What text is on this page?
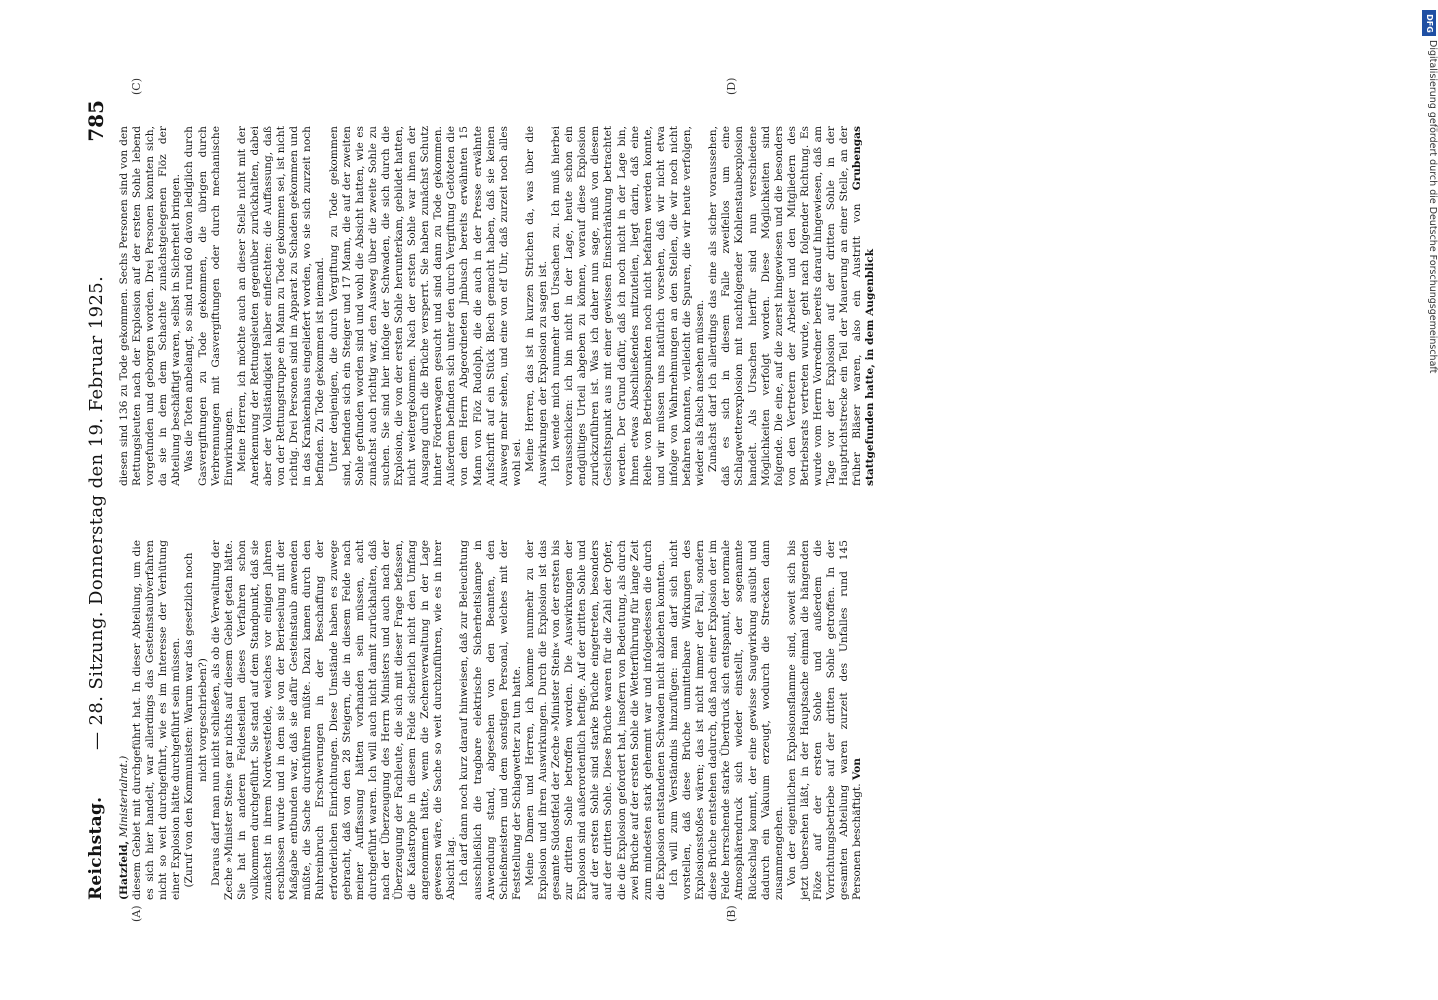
Reichstag.
— 28. Sitzung. Donnerstag den 19. Februar 1925.
785
(A)	(B)
(C)	(D)

(Hatzfeld, Ministerialrat.) diesem Gebiet mit durchgeführt hat. In dieser Abteilung, um die es sich hier handelt, war allerdings das Gesteinstaubverfahren nicht so weit durchgeführt, wie es im Interesse der Verhütung einer Explosion hätte durchgeführt sein müssen. (Zuruf von den Kommunisten: Warum war das gesetzlich noch nicht vorgeschrieben?) Daraus darf man nun nicht schließen, als ob die Verwaltung der Zeche »Minister Stein« gar nichts auf diesem Gebiet getan hätte. Sie hat in anderen Feldesteilen dieses Verfahren schon vollkommen durchgeführt. Sie stand auf dem Standpunkt, daß sie zunächst in ihrem Nordwestfelde, welches vor einigen Jahren erschlossen wurde und in dem sie von der Berieselung mit der Maßgabe entbunden war, daß sie dafür Gesteinstaub anwenden müßte, die Sache durchführen müßte. Dazu kamen durch den Ruhreinbruch Erschwerungen in der Beschaffung der erforderlichen Einrichtungen. Diese Umstände haben es zuwege gebracht, daß von den 28 Steigern, die in diesem Felde nach meiner Auffassung hätten vorhanden sein müssen, acht durchgeführt waren. Ich will auch nicht damit zurückhalten, daß nach der Überzeugung des Herrn Ministers und auch nach der Überzeugung der Fachleute, die sich mit dieser Frage befassen, die Katastrophe in diesem Felde sicherlich nicht den Umfang angenommen hätte, wenn die Zechenverwaltung in der Lage gewesen wäre, die Sache so weit durchzuführen, wie es in ihrer Absicht lag. Ich darf dann noch kurz darauf hinweisen, daß zur Beleuchtung ausschließlich die tragbare elektrische Sicherheitslampe in Anwendung stand, abgesehen von den Beamten, den Schießmeistern und dem sonstigen Personal, welches mit der Feststellung der Schlagwetter zu tun hatte. Meine Damen und Herren, ich komme nunmehr zu der Explosion und ihren Auswirkungen. Durch die Explosion ist das gesamte Südostfeld der Zeche »Minister Stein« von der ersten bis zur dritten Sohle betroffen worden. Die Auswirkungen der Explosion sind außerordentlich heftige. Auf der dritten Sohle und auf der ersten Sohle sind starke Brüche eingetreten, besonders auf der dritten Sohle. Diese Brüche waren für die Zahl der Opfer, die die Explosion gefordert hat, insofern von Bedeutung, als durch zwei Brüche auf der ersten Sohle die Wetterführung für lange Zeit zum mindesten stark gehemmt war und infolgedessen die durch die Explosion entstandenen Schwaden nicht abziehen konnten. Ich will zum Verständnis hinzufügen: man darf sich nicht vorstellen, daß diese Brüche unmittelbare Wirkungen des Explosionsstoßes wären; das ist nicht immer der Fall, sondern diese Brüche entstehen dadurch, daß nach einer Explosion der im Felde herrschende starke Überdruck sich entspannt, der normale Atmosphärendruck sich wieder einstellt, der sogenannte Rückschlag kommt, der eine gewisse Saugwirkung ausübt und dadurch ein Vakuum erzeugt, wodurch die Strecken dann zusammengehen. Von der eigentlichen Explosionsflamme sind, soweit sich bis jetzt übersehen läßt, in der Hauptsache einmal die hängenden Flöze auf der ersten Sohle und außerdem die Vorrichtungsbetriebe auf der dritten Sohle getroffen. In der gesamten Abteilung waren zurzeit des Unfalles rund 145 Personen beschäftigt. Von

diesen sind 136 zu Tode gekommen. Sechs Personen sind von den Rettungsleuten nach der Explosion auf der ersten Sohle lebend vorgefunden und geborgen worden. Drei Personen konnten sich, da sie in dem dem Schachte zunächstgelegenen Flöz der Abteilung beschäftigt waren, selbst in Sicherheit bringen. Was die Toten anbelangt, so sind rund 60 davon lediglich durch Gasvergiftungen zu Tode gekommen, die übrigen durch Verbrennungen mit Gasvergiftungen oder durch mechanische Einwirkungen. Meine Herren, ich möchte auch an dieser Stelle nicht mit der Anerkennung der Rettungsleuten gegenüber zurückhalten, dabei aber der Vollständigkeit halber einflechten: die Auffassung, daß von der Rettungstruppe ein Mann zu Tode gekommen sei, ist nicht richtig. Drei Personen sind im Apparat zu Schaden gekommen und in das Krankenhaus eingeliefert worden, wo sie sich zurzeit noch befinden. Zu Tode gekommen ist niemand. Unter denjenigen, die durch Vergiftung zu Tode gekommen sind, befinden sich ein Steiger und 17 Mann, die auf der zweiten Sohle gefunden worden sind und wohl die Absicht hatten, wie es zunächst auch richtig war, den Ausweg über die zweite Sohle zu suchen. Sie sind hier infolge der Schwaden, die sich durch die Explosion, die von der ersten Sohle herunterkam, gebildet hatten, nicht weitergekommen. Nach der ersten Sohle war ihnen der Ausgang durch die Brüche versperrt. Sie haben zunächst Schutz hinter Förderwagen gesucht und sind dann zu Tode gekommen. Außerdem befinden sich unter den durch Vergiftung Getöteten die von dem Herrn Abgeordneten Jmbusch bereits erwähnten 15 Mann von Flöz Rudolph, die die auch in der Presse erwähnte Aufschrift auf ein Stück Blech gemacht haben, daß sie keinen Ausweg mehr sehen, und eine von elf Uhr, daß zurzeit noch alles wohl sei. Meine Herren, das ist in kurzen Strichen da, was über die Auswirkungen der Explosion zu sagen ist. Ich wende mich nunmehr den Ursachen zu. Ich muß hierbei vorausschicken: ich bin nicht in der Lage, heute schon ein endgültiges Urteil abgeben zu können, worauf diese Explosion zurückzuführen ist. Was ich daher nun sage, muß von diesem Gesichtspunkt aus mit einer gewissen Einschränkung betrachtet werden. Der Grund dafür, daß ich noch nicht in der Lage bin, Ihnen etwas Abschließendes mitzuteilen, liegt darin, daß eine Reihe von Betriebspunkten noch nicht befahren werden konnte, und wir müssen uns natürlich vorsehen, daß wir nicht etwa infolge von Wahrnehmungen an den Stellen, die wir noch nicht befahren konnten, vielleicht die Spuren, die wir heute verfolgen, wieder als falsch ansehen müssen. Zunächst darf ich allerdings das eine als sicher voraussehen, daß es sich in diesem Falle zweifellos um eine Schlagwetterexplosion mit nachfolgender Kohlenstaubexplosion handelt. Als Ursachen hierfür sind nun verschiedene Möglichkeiten verfolgt worden. Diese Möglichkeiten sind folgende. Die eine, auf die zuerst hingewiesen und die besonders von den Vertretern der Arbeiter und den Mitgliedern des Betriebsrats vertreten wurde, geht nach folgender Richtung. Es wurde vom Herrn Vorredner bereits darauf hingewiesen, daß am Tage vor der Explosion auf der dritten Sohle in der Hauptrichtstrecke ein Teil der Mauerung an einer Stelle, an der früher Bläser waren, also ein Austritt von Grubengas stattgefunden hatte, in dem Augenblick

DFG
Digitalisierung gefördert durch die Deutsche Forschungsgemeinschaft
